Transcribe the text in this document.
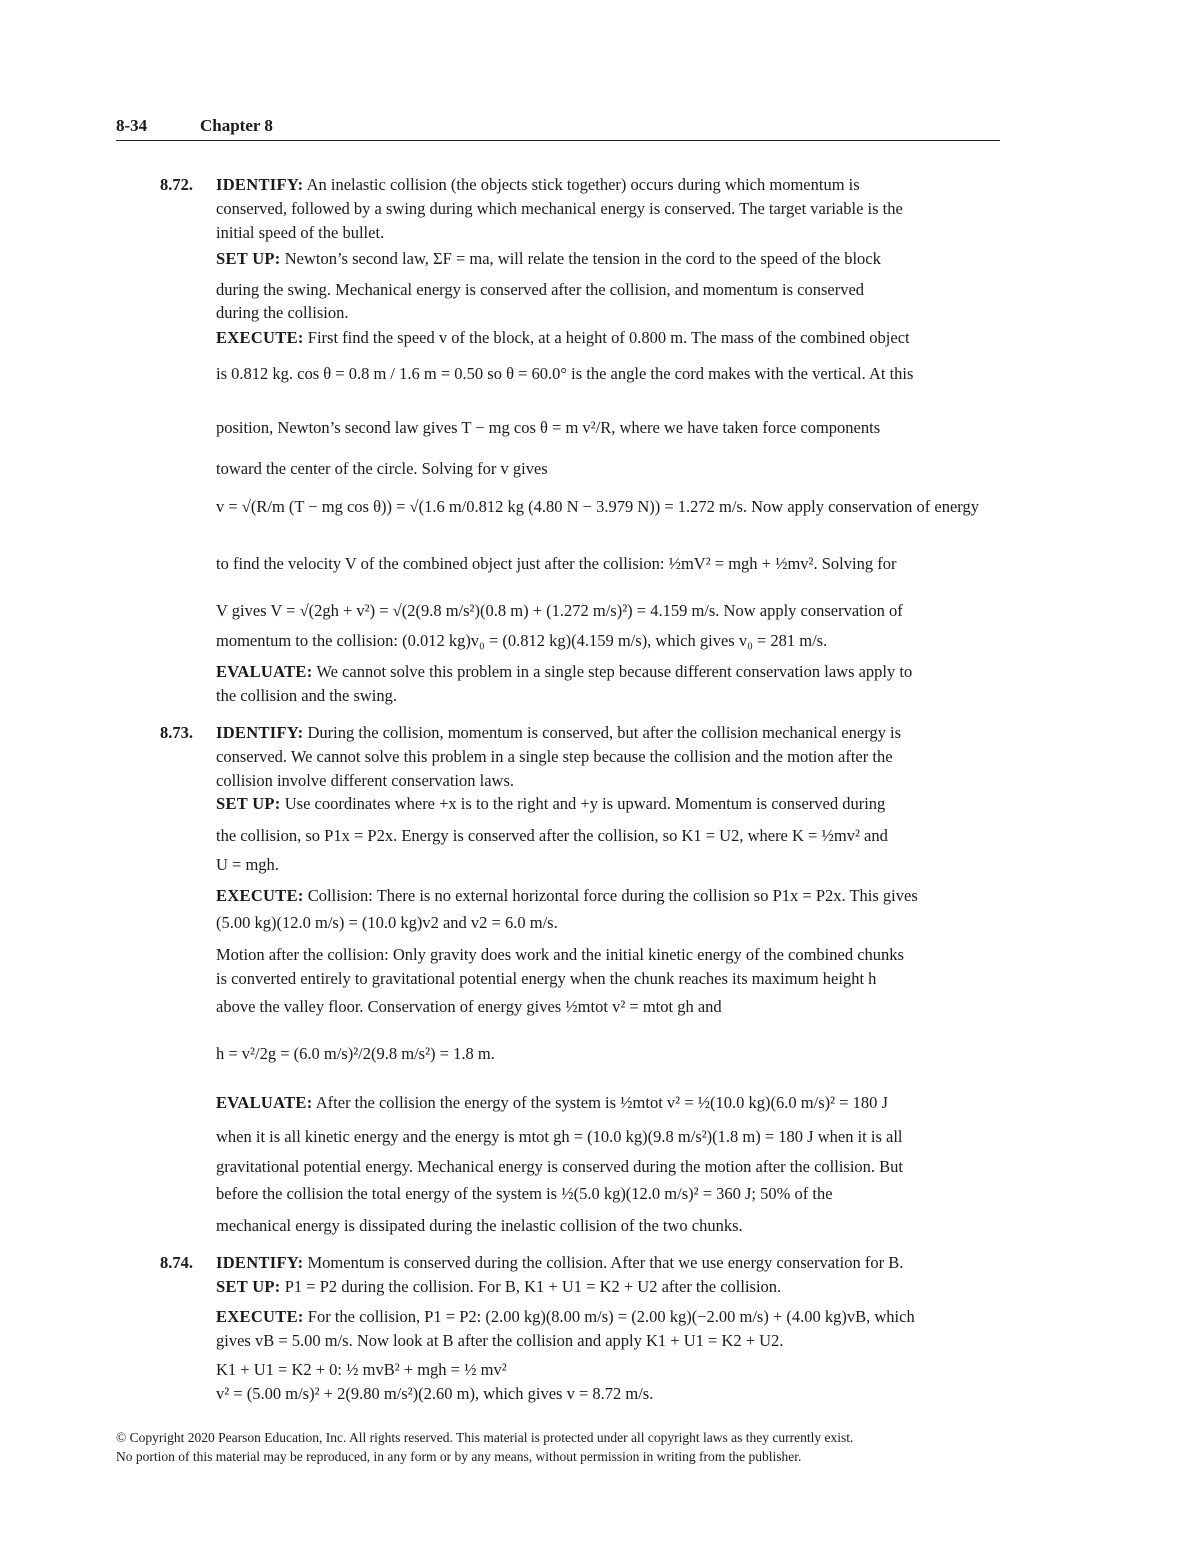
8-34	Chapter 8
8.72. IDENTIFY: An inelastic collision (the objects stick together) occurs during which momentum is
conserved, followed by a swing during which mechanical energy is conserved. The target variable is the
initial speed of the bullet.
SET UP: Newton’s second law, ΣF = ma, will relate the tension in the cord to the speed of the block
during the swing. Mechanical energy is conserved after the collision, and momentum is conserved
during the collision.
EXECUTE: First find the speed v of the block, at a height of 0.800 m. The mass of the combined object
is 0.812 kg. cos θ = 0.8 m / 1.6 m = 0.50 so θ = 60.0° is the angle the cord makes with the vertical. At this
position, Newton’s second law gives T − mg cos θ = m v²/R, where we have taken force components
toward the center of the circle. Solving for v gives
v = √(R/m (T − mg cos θ)) = √(1.6 m/0.812 kg (4.80 N − 3.979 N)) = 1.272 m/s. Now apply conservation of energy
to find the velocity V of the combined object just after the collision: ½mV² = mgh + ½mv². Solving for
V gives V = √(2gh + v²) = √(2(9.8 m/s²)(0.8 m) + (1.272 m/s)²) = 4.159 m/s. Now apply conservation of
momentum to the collision: (0.012 kg)v₀ = (0.812 kg)(4.159 m/s), which gives v₀ = 281 m/s.
EVALUATE: We cannot solve this problem in a single step because different conservation laws apply to
the collision and the swing.
8.73. IDENTIFY: During the collision, momentum is conserved, but after the collision mechanical energy is
conserved. We cannot solve this problem in a single step because the collision and the motion after the
collision involve different conservation laws.
SET UP: Use coordinates where +x is to the right and +y is upward. Momentum is conserved during
the collision, so P1x = P2x. Energy is conserved after the collision, so K1 = U2, where K = ½mv² and
U = mgh.
EXECUTE: Collision: There is no external horizontal force during the collision so P1x = P2x. This gives
(5.00 kg)(12.0 m/s) = (10.0 kg)v2 and v2 = 6.0 m/s.
Motion after the collision: Only gravity does work and the initial kinetic energy of the combined chunks
is converted entirely to gravitational potential energy when the chunk reaches its maximum height h
above the valley floor. Conservation of energy gives ½mtot v² = mtot gh and
h = v²/2g = (6.0 m/s)²/2(9.8 m/s²) = 1.8 m.
EVALUATE: After the collision the energy of the system is ½mtot v² = ½(10.0 kg)(6.0 m/s)² = 180 J
when it is all kinetic energy and the energy is mtot gh = (10.0 kg)(9.8 m/s²)(1.8 m) = 180 J when it is all
gravitational potential energy. Mechanical energy is conserved during the motion after the collision. But
before the collision the total energy of the system is ½(5.0 kg)(12.0 m/s)² = 360 J; 50% of the
mechanical energy is dissipated during the inelastic collision of the two chunks.
8.74. IDENTIFY: Momentum is conserved during the collision. After that we use energy conservation for B.
SET UP: P1 = P2 during the collision. For B, K1 + U1 = K2 + U2 after the collision.
EXECUTE: For the collision, P1 = P2: (2.00 kg)(8.00 m/s) = (2.00 kg)(−2.00 m/s) + (4.00 kg)vB, which
gives vB = 5.00 m/s. Now look at B after the collision and apply K1 + U1 = K2 + U2.
K1 + U1 = K2 + 0: ½ mvB² + mgh = ½ mv²
v² = (5.00 m/s)² + 2(9.80 m/s²)(2.60 m), which gives v = 8.72 m/s.
© Copyright 2020 Pearson Education, Inc. All rights reserved. This material is protected under all copyright laws as they currently exist.
No portion of this material may be reproduced, in any form or by any means, without permission in writing from the publisher.
